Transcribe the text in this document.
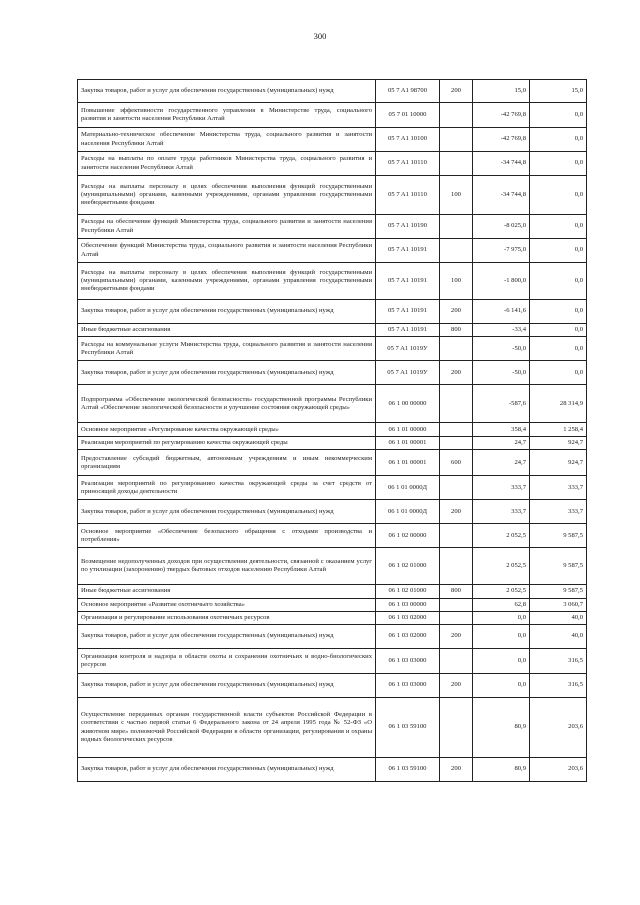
300
Закупка товаров, работ и услуг для обеспечения государственных (муниципальных) нужд	05 7 A1 98700	200	15,0	15,0
Повышение эффективности государственного управления в Министерстве труда, социального развития и занятости населения Республики Алтай	05 7 01 10000		-42 769,8	0,0
Материально-техническое обеспечение Министерства труда, социального развития и занятости населения Республики Алтай	05 7 A1 10100		-42 769,8	0,0
Расходы на выплаты по оплате труда работников Министерства труда, социального развития и занятости населения Республики Алтай	05 7 A1 10110		-34 744,8	0,0
Расходы на выплаты персоналу в целях обеспечения выполнения функций государственными (муниципальными) органами, казенными учреждениями, органами управления государственными внебюджетными фондами	05 7 A1 10110	100	-34 744,8	0,0
Расходы на обеспечение функций Министерства труда, социального развития и занятости населения Республики Алтай	05 7 A1 10190		-8 025,0	0,0
Обеспечение функций Министерства труда, социального развития и занятости населения Республики Алтай	05 7 A1 10191		-7 975,0	0,0
Расходы на выплаты персоналу в целях обеспечения выполнения функций государственными (муниципальными) органами, казенными учреждениями, органами управления государственными внебюджетными фондами	05 7 A1 10191	100	-1 800,0	0,0
Закупка товаров, работ и услуг для обеспечения государственных (муниципальных) нужд	05 7 A1 10191	200	-6 141,6	0,0
Иные бюджетные ассигнования	05 7 A1 10191	800	-33,4	0,0
Расходы на коммунальные услуги Министерства труда, социального развития и занятости населения Республики Алтай	05 7 A1 1019У		-50,0	0,0
Закупка товаров, работ и услуг для обеспечения государственных (муниципальных) нужд	05 7 A1 1019У	200	-50,0	0,0
Подпрограмма «Обеспечение экологической безопасности» государственной программы Республики Алтай «Обеспечение экологической безопасности и улучшение состояния окружающей среды»	06 1 00 00000		-587,6	28 314,9
Основное мероприятие «Регулирование качества окружающей среды»	06 1 01 00000		358,4	1 258,4
Реализация мероприятий по регулированию качества окружающей среды	06 1 01 00001		24,7	924,7
Предоставление субсидий бюджетным, автономным учреждениям и иным некоммерческим организациям	06 1 01 00001	600	24,7	924,7
Реализация мероприятий по регулированию качества окружающей среды за счет средств от приносящей доходы деятельности	06 1 01 0000Д		333,7	333,7
Закупка товаров, работ и услуг для обеспечения государственных (муниципальных) нужд	06 1 01 0000Д	200	333,7	333,7
Основное мероприятие «Обеспечение безопасного обращения с отходами производства и потребления»	06 1 02 00000		2 052,5	9 587,5
Возмещение недополученных доходов при осуществлении деятельности, связанной с оказанием услуг по утилизации (захоронению) твердых бытовых отходов населению Республики Алтай	06 1 02 01000		2 052,5	9 587,5
Иные бюджетные ассигнования	06 1 02 01000	800	2 052,5	9 587,5
Основное мероприятие «Развитие охотничьего хозяйства»	06 1 03 00000		62,8	3 060,7
Организация и регулирование использования охотничьих ресурсов	06 1 03 02000		0,0	40,0
Закупка товаров, работ и услуг для обеспечения государственных (муниципальных) нужд	06 1 03 02000	200	0,0	40,0
Организация контроля и надзора в области охоты и сохранения охотничьих и водно-биологических ресурсов	06 1 03 03000		0,0	316,5
Закупка товаров, работ и услуг для обеспечения государственных (муниципальных) нужд	06 1 03 03000	200	0,0	316,5
Осуществление переданных органам государственной власти субъектов Российской Федерации в соответствии с частью первой статьи 6 Федерального закона от 24 апреля 1995 года № 52-ФЗ «О животном мире» полномочий Российской Федерации в области организации, регулирования и охраны водных биологических ресурсов	06 1 03 59100		80,9	203,6
Закупка товаров, работ и услуг для обеспечения государственных (муниципальных) нужд	06 1 03 59100	200	80,9	203,6
